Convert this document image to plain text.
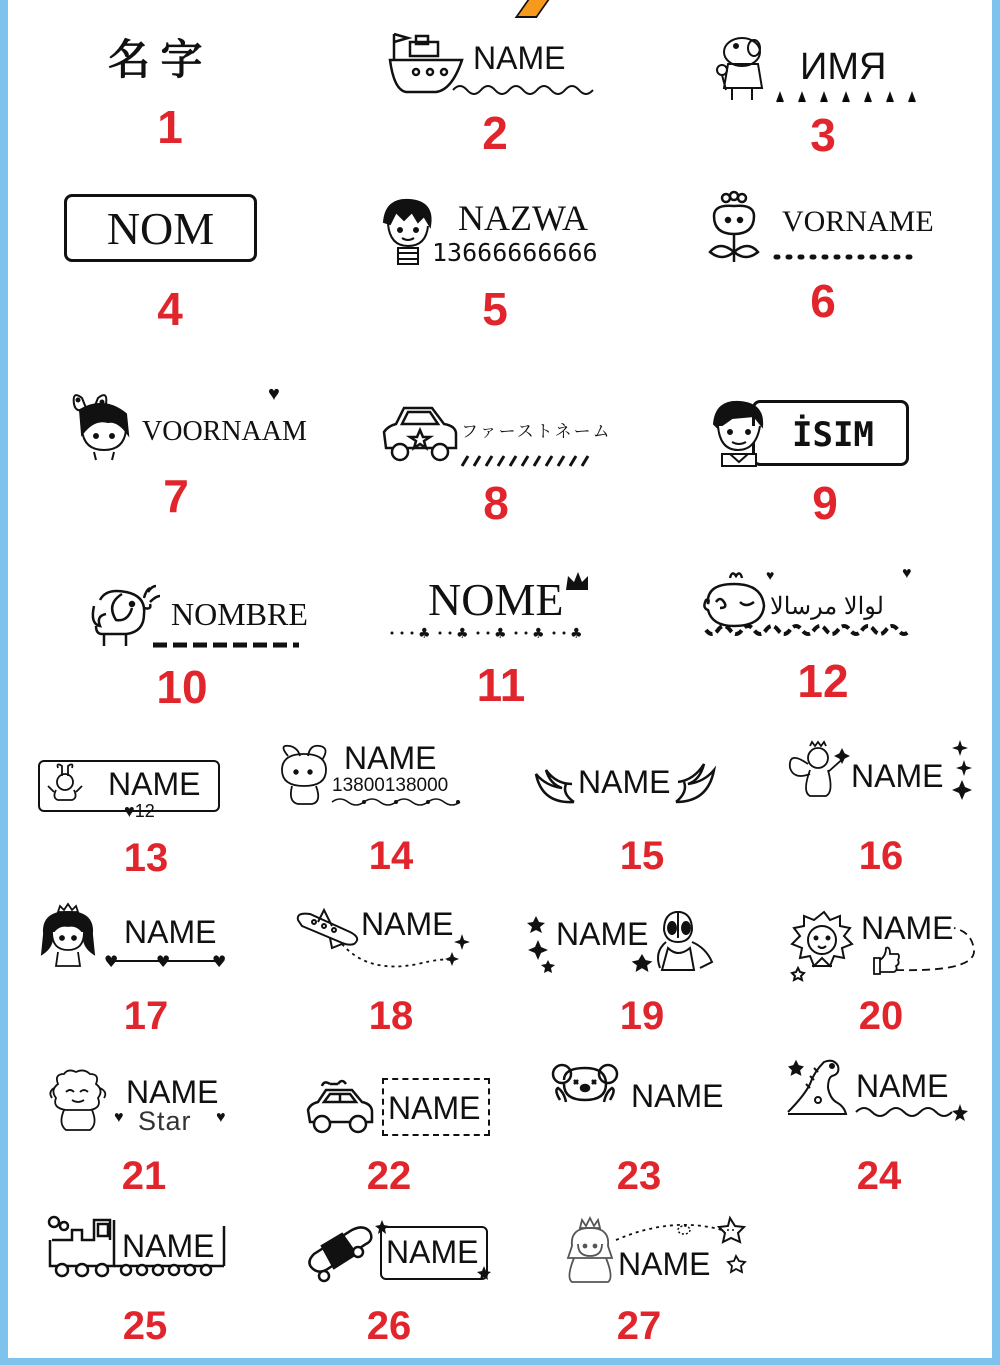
名 字
1
NAME
2
ИМЯ
3
NOM
4
NAZWA
13666666666
5
VORNAME
6
VOORNAAM
♥
7
ファーストネーム
8
İSIM
9
NOMBRE
10
NOME
♣ ♣ ♣ ♣ ♣
11
لوالا مرسالا
♥	♥
12
NAME
♥12
13
NAME
13800138000
14
NAME
15
NAME
16
NAME
♥ ♥	♥
17
NAME
18
NAME
19
NAME
20
NAME
♥ Star ♥
21
NAME
22
NAME
23
NAME
24
NAME
25
NAME
26
NAME
27
